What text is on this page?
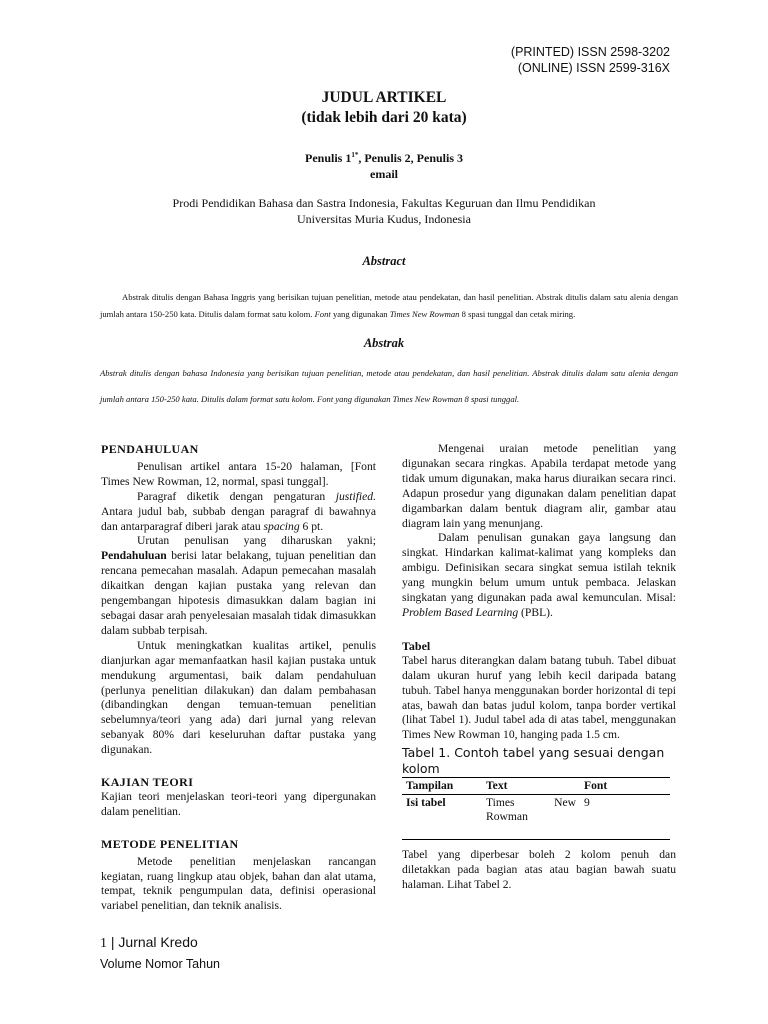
(PRINTED) ISSN 2598-3202
(ONLINE) ISSN 2599-316X
JUDUL ARTIKEL
(tidak lebih dari 20 kata)
Penulis $1^{1*}$, Penulis 2, Penulis 3
email
Prodi Pendidikan Bahasa dan Sastra Indonesia, Fakultas Keguruan dan Ilmu Pendidikan
Universitas Muria Kudus, Indonesia
Abstract
Abstrak ditulis dengan Bahasa Inggris yang berisikan tujuan penelitian, metode atau pendekatan, dan hasil penelitian. Abstrak ditulis dalam satu alenia dengan jumlah antara 150-250 kata. Ditulis dalam format satu kolom. Font yang digunakan Times New Rowman 8 spasi tunggal dan cetak miring.
Abstrak
Abstrak ditulis dengan bahasa Indonesia yang berisikan tujuan penelitian, metode atau pendekatan, dan hasil penelitian. Abstrak ditulis dalam satu alenia dengan jumlah antara 150-250 kata. Ditulis dalam format satu kolom. Font yang digunakan Times New Rowman 8 spasi tunggal.
PENDAHULUAN

Penulisan artikel antara 15-20 halaman, [Font Times New Rowman, 12, normal, spasi tunggal].

Paragraf diketik dengan pengaturan justified. Antara judul bab, subbab dengan paragraf di bawahnya dan antarparagraf diberi jarak atau spacing 6 pt.

Urutan penulisan yang diharuskan yakni; Pendahuluan berisi latar belakang, tujuan penelitian dan rencana pemecahan masalah. Adapun pemecahan masalah dikaitkan dengan kajian pustaka yang relevan dan pengembangan hipotesis dimasukkan dalam bagian ini sebagai dasar arah penyelesaian masalah tidak dimasukkan dalam subbab terpisah.

Untuk meningkatkan kualitas artikel, penulis dianjurkan agar memanfaatkan hasil kajian pustaka untuk mendukung argumentasi, baik dalam pendahuluan (perlunya penelitian dilakukan) dan dalam pembahasan (dibandingkan dengan temuan-temuan penelitian sebelumnya/teori yang ada) dari jurnal yang relevan sebanyak 80% dari keseluruhan daftar pustaka yang digunakan.

KAJIAN TEORI

Kajian teori menjelaskan teori-teori yang dipergunakan dalam penelitian.

METODE PENELITIAN

Metode penelitian menjelaskan rancangan kegiatan, ruang lingkup atau objek, bahan dan alat utama, tempat, teknik pengumpulan data, definisi operasional variabel penelitian, dan teknik analisis.

Mengenai uraian metode penelitian yang digunakan secara ringkas. Apabila terdapat metode yang tidak umum digunakan, maka harus diuraikan secara rinci. Adapun prosedur yang digunakan dalam penelitian dapat digambarkan dalam bentuk diagram alir, gambar atau diagram lain yang menunjang.

Dalam penulisan gunakan gaya langsung dan singkat. Hindarkan kalimat-kalimat yang kompleks dan ambigu. Definisikan secara singkat semua istilah teknik yang mungkin belum umum untuk pembaca. Jelaskan singkatan yang digunakan pada awal kemunculan. Misal: Problem Based Learning (PBL).

Tabel

Tabel harus diterangkan dalam batang tubuh. Tabel dibuat dalam ukuran huruf yang lebih kecil daripada batang tubuh. Tabel hanya menggunakan border horizontal di tepi atas, bawah dan batas judul kolom, tanpa border vertikal (lihat Tabel 1). Judul tabel ada di atas tabel, menggunakan Times New Rowman 10, hanging pada 1.5 cm.

Tabel 1. Contoh tabel yang sesuai dengan kolom

Tampilan	Text	Font
Isi tabel	Times New Rowman	9

Tabel yang diperbesar boleh 2 kolom penuh dan diletakkan pada bagian atas atau bagian bawah suatu halaman. Lihat Tabel 2.

1 | Jurnal Kredo
Volume Nomor Tahun
